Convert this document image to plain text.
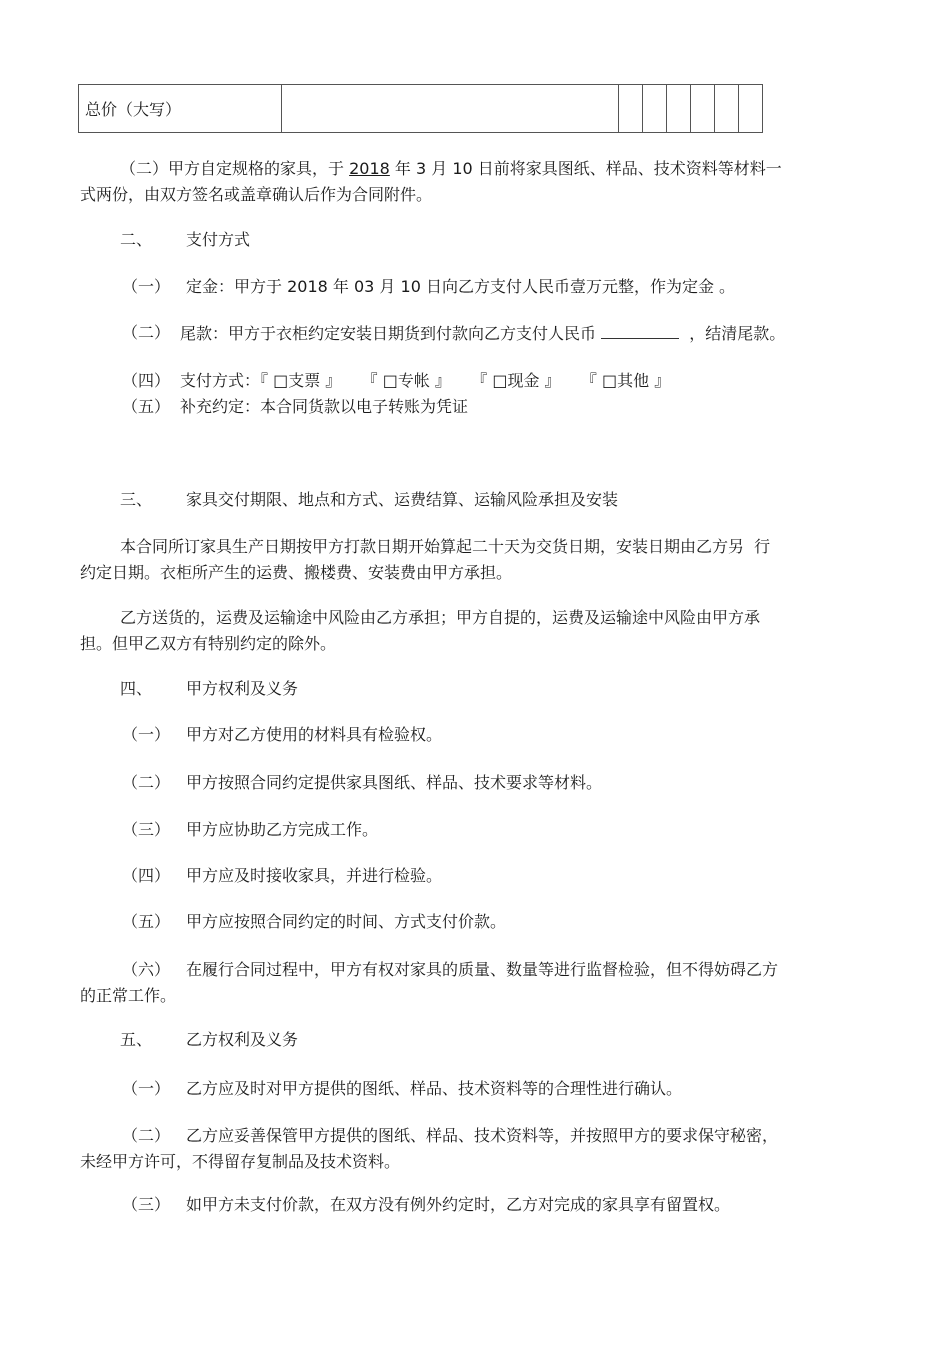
总价（大写）							
（二）甲方自定规格的家具，于 2018 年 3 月 10 日前将家具图纸、样品、技术资料等材料一
式两份，由双方签名或盖章确认后作为合同附件。
二、 支付方式
（一） 定金：甲方于 2018 年 03 月 10 日向乙方支付人民币壹万元整，作为定金 。
（二） 尾款：甲方于衣柜约定安装日期货到付款向乙方支付人民币	，结清尾款。
（四） 支付方式：『 □支票 』    『 □专帐 』    『 □现金 』    『 □其他 』
（五） 补充约定：本合同货款以电子转账为凭证
三、 家具交付期限、地点和方式、运费结算、运输风险承担及安装
本合同所订家具生产日期按甲方打款日期开始算起二十天为交货日期，安装日期由乙方另  行
约定日期。衣柜所产生的运费、搬楼费、安装费由甲方承担。
乙方送货的，运费及运输途中风险由乙方承担；甲方自提的，运费及运输途中风险由甲方承
担。但甲乙双方有特别约定的除外。
四、 甲方权利及义务
（一） 甲方对乙方使用的材料具有检验权。
（二） 甲方按照合同约定提供家具图纸、样品、技术要求等材料。
（三） 甲方应协助乙方完成工作。
（四） 甲方应及时接收家具，并进行检验。
（五） 甲方应按照合同约定的时间、方式支付价款。
（六） 在履行合同过程中，甲方有权对家具的质量、数量等进行监督检验，但不得妨碍乙方
的正常工作。
五、 乙方权利及义务
（一） 乙方应及时对甲方提供的图纸、样品、技术资料等的合理性进行确认。
（二） 乙方应妥善保管甲方提供的图纸、样品、技术资料等，并按照甲方的要求保守秘密，
未经甲方许可，不得留存复制品及技术资料。
（三） 如甲方未支付价款，在双方没有例外约定时，乙方对完成的家具享有留置权。
